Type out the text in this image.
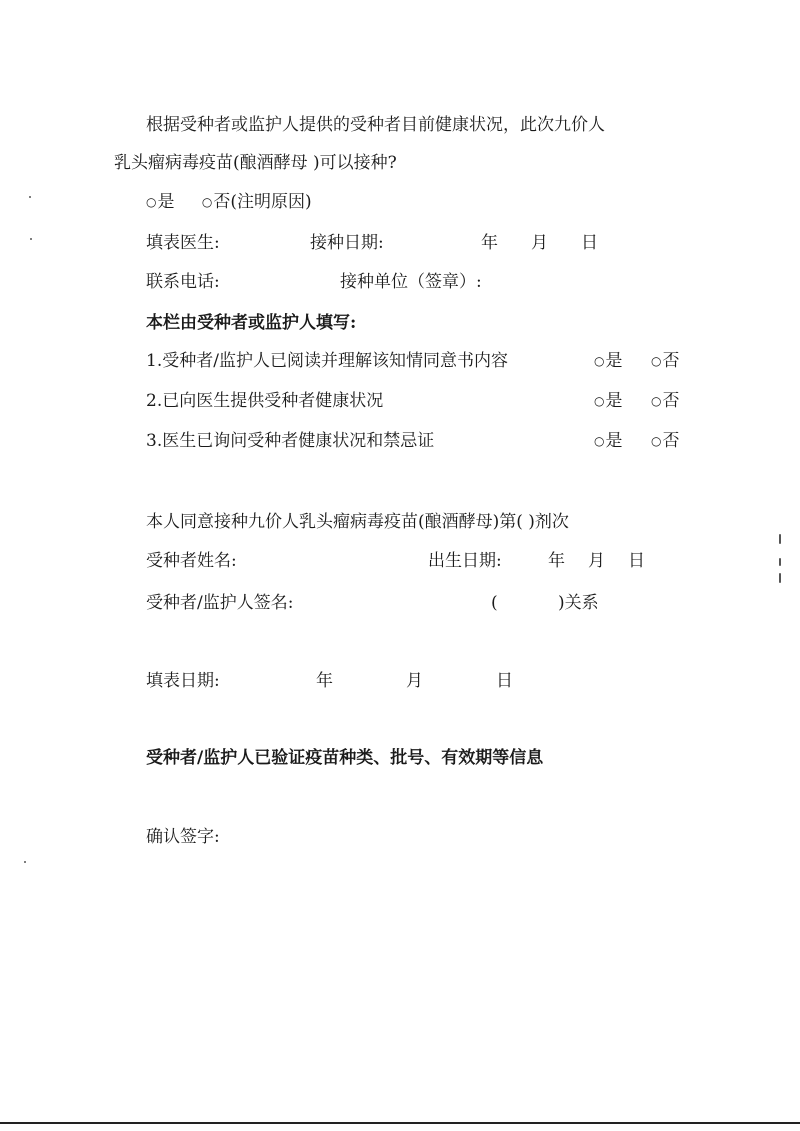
根据受种者或监护人提供的受种者目前健康状况，此次九价人
乳头瘤病毒疫苗(酿酒酵母 )可以接种?
○是 ○否(注明原因)
填表医生:	接种日期:	年 月 日
联系电话:	接种单位（签章）:
本栏由受种者或监护人填写:
1.受种者/监护人已阅读并理解该知情同意书内容	○是 ○否
2.已向医生提供受种者健康状况	○是 ○否
3.医生已询问受种者健康状况和禁忌证	○是 ○否
本人同意接种九价人乳头瘤病毒疫苗(酿酒酵母)第( )剂次
受种者姓名:	出生日期:	年 月 日
受种者/监护人签名:	(	)关系
填表日期:	年	月	日
受种者/监护人已验证疫苗种类、批号、有效期等信息
确认签字:
